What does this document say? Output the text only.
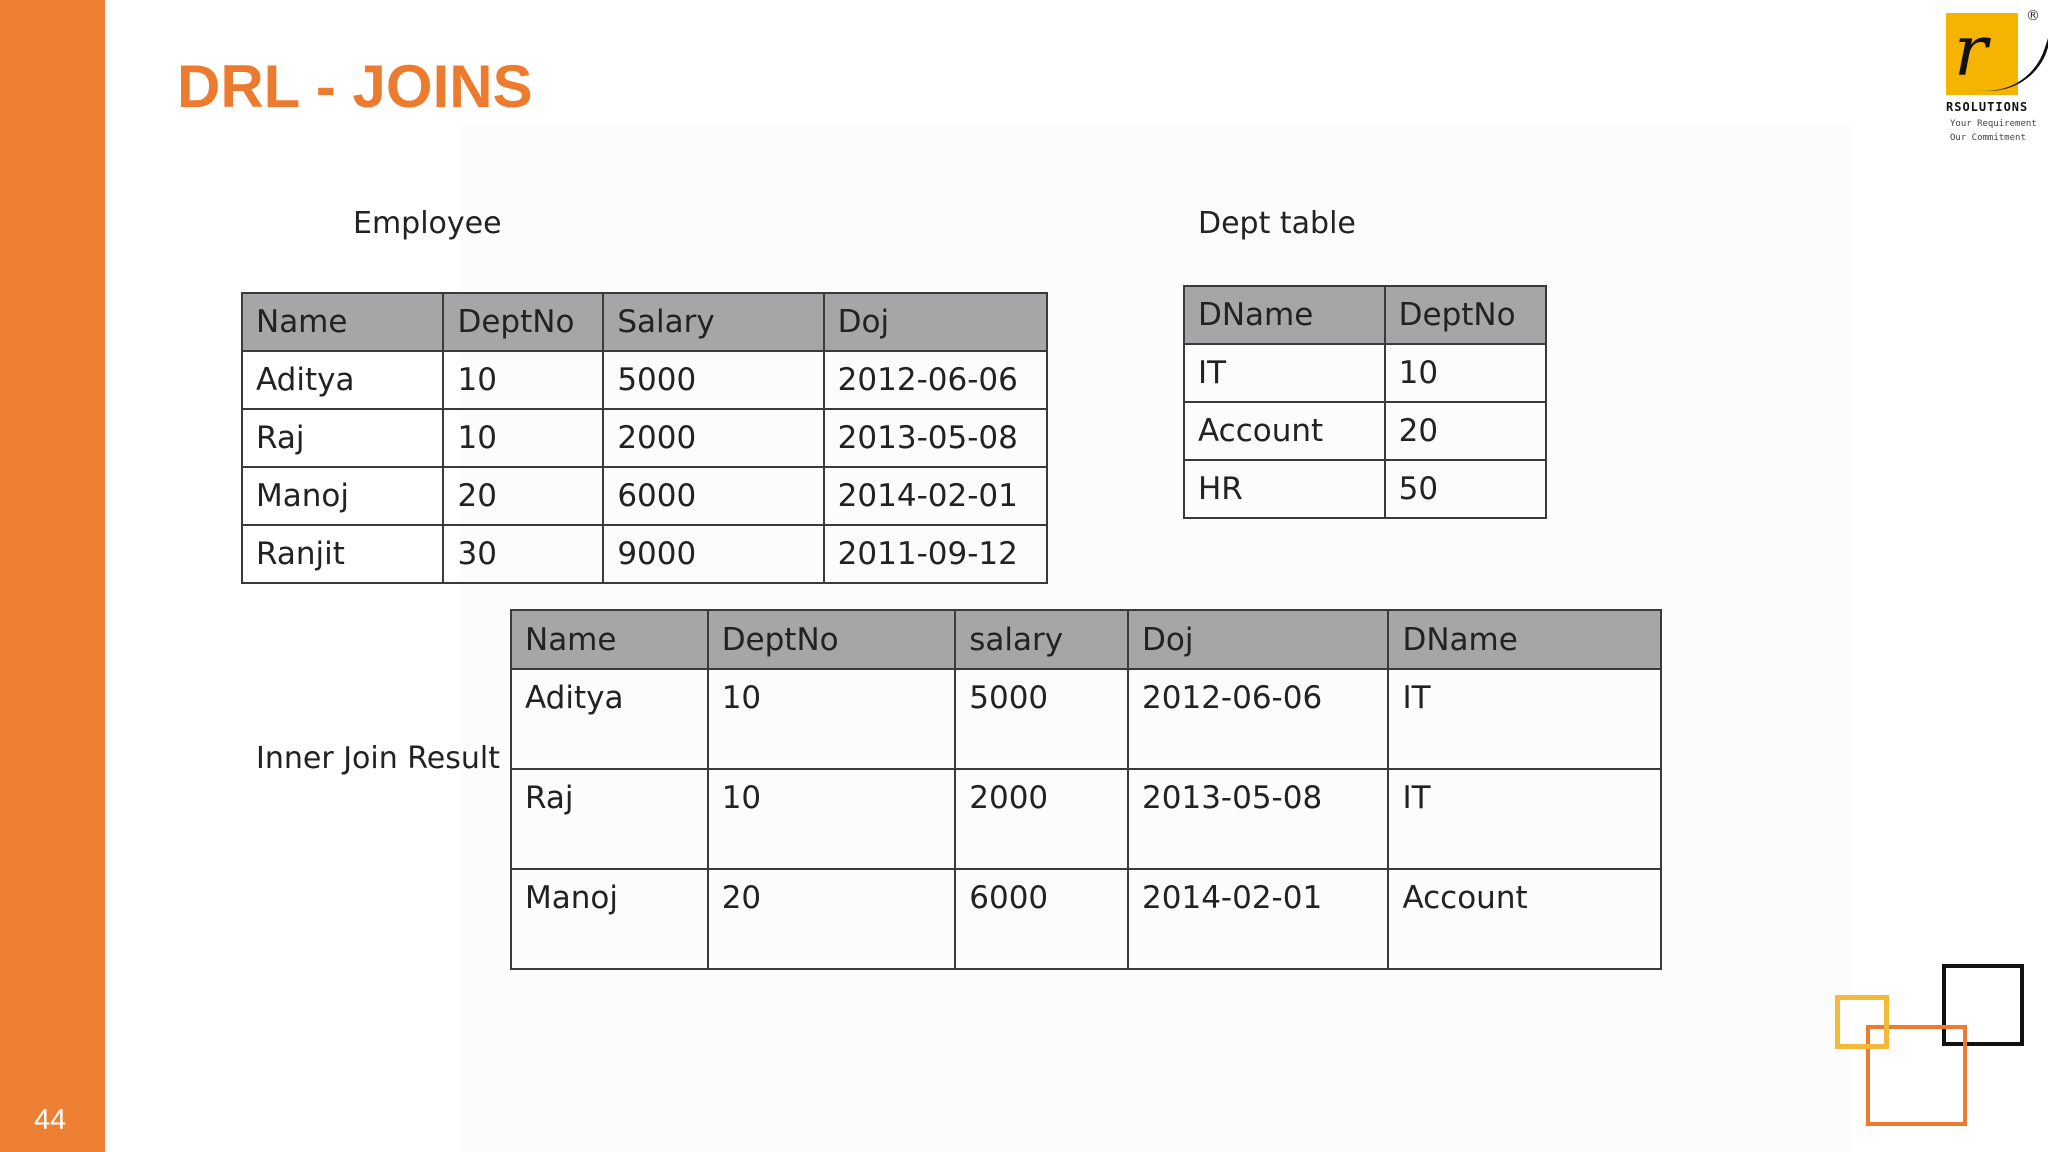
44
DRL - JOINS	r	®
RSOLUTIONS
Your Requirement
Our Commitment
Employee
Name	DeptNo	Salary	Doj
Aditya	10	5000	2012-06-06
Raj	10	2000	2013-05-08
Manoj	20	6000	2014-02-01
Ranjit	30	9000	2011-09-12
Dept table
DName	DeptNo
IT	10
Account	20
HR	50
Inner Join Result
Name	DeptNo	salary	Doj	DName
Aditya	10	5000	2012-06-06	IT
Raj	10	2000	2013-05-08	IT
Manoj	20	6000	2014-02-01	Account
